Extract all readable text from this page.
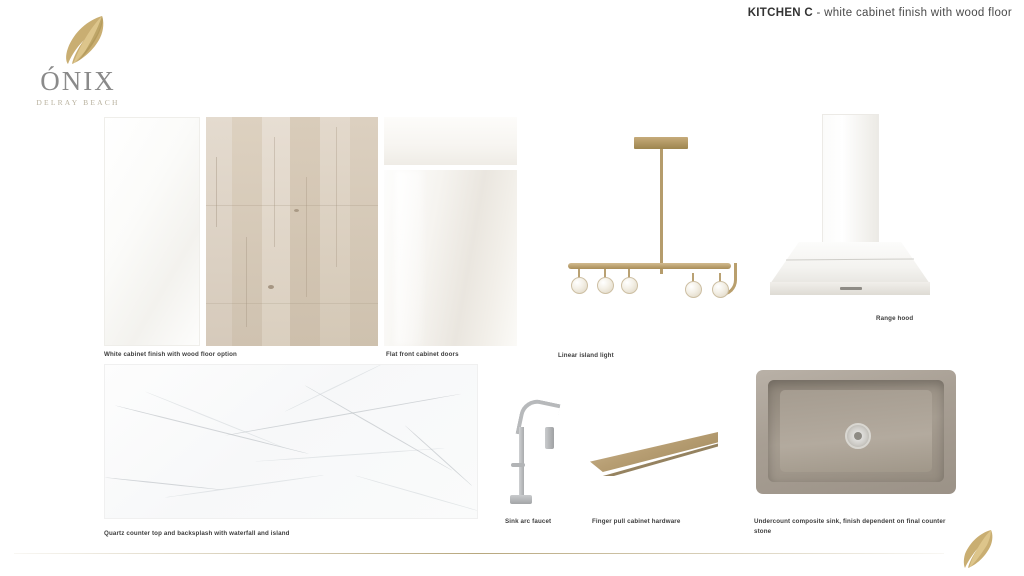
ÓNIX
DELRAY BEACH
KITCHEN C - white cabinet finish with wood floor
White cabinet finish with wood floor option	Flat front cabinet doors	Linear island light
Range hood
Quartz counter top and backsplash with waterfall and island
Sink arc faucet	Finger pull cabinet hardware	Undercount composite sink, finish dependent on final counter stone
